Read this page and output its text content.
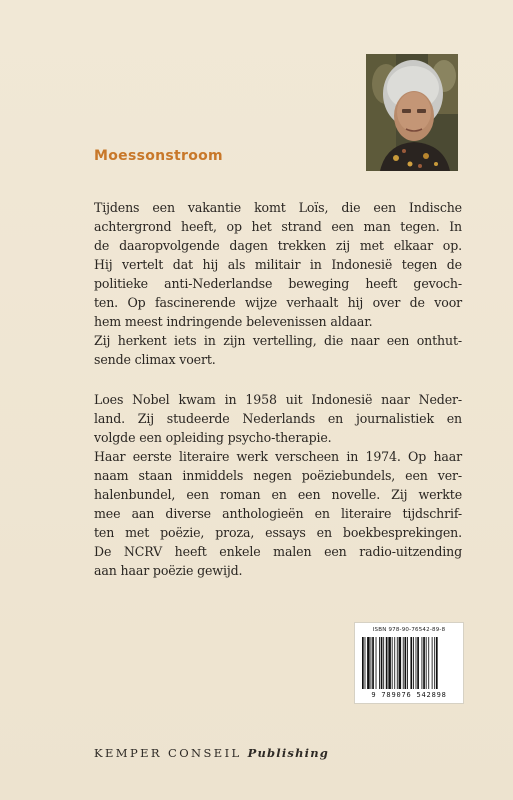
Moessonstroom
Tijdens een vakantie komt Loïs, die een Indische
achtergrond heeft, op het strand een man tegen. In
de daaropvolgende dagen trekken zij met elkaar op.
Hij vertelt dat hij als militair in Indonesië tegen de
politieke anti-Nederlandse beweging heeft gevoch-
ten. Op fascinerende wijze verhaalt hij over de voor
hem meest indringende belevenissen aldaar.
Zij herkent iets in zijn vertelling, die naar een onthut-
sende climax voert.
Loes Nobel kwam in 1958 uit Indonesië naar Neder-
land. Zij studeerde Nederlands en journalistiek en
volgde een opleiding psycho-therapie.
Haar eerste literaire werk verscheen in 1974. Op haar
naam staan inmiddels negen poëziebundels, een ver-
halenbundel, een roman en een novelle. Zij werkte
mee aan diverse anthologieën en literaire tijdschrif-
ten met poëzie, proza, essays en boekbesprekingen.
De NCRV heeft enkele malen een radio-uitzending
aan haar poëzie gewijd.
ISBN 978-90-76542-89-8
9 789076 542898
KEMPER CONSEIL Publishing
